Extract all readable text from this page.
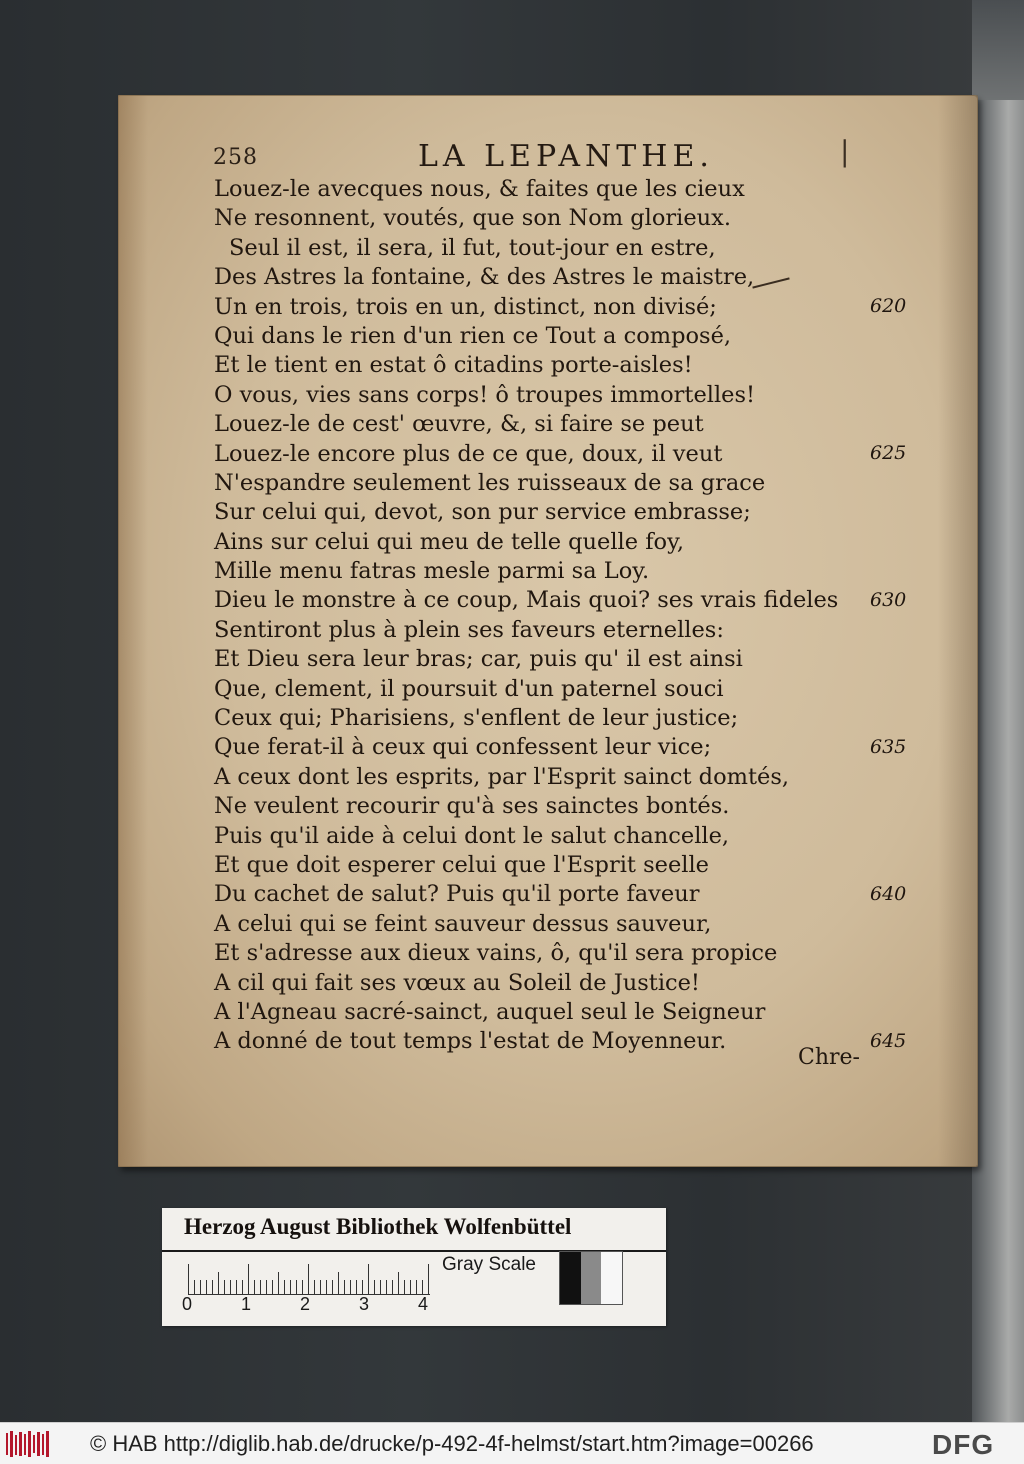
258	LA LEPANTHE.	|
Louez-le avecques nous, & faites que les cieux
Ne resonnent, voutés, que son Nom glorieux.
Seul il est, il sera, il fut, tout-jour en estre,
Des Astres la fontaine, & des Astres le maistre,
Un en trois, trois en un, distinct, non divisé;
Qui dans le rien d'un rien ce Tout a composé,
Et le tient en estat ô citadins porte-aisles!
O vous, vies sans corps! ô troupes immortelles!
Louez-le de cest' œuvre, &, si faire se peut
Louez-le encore plus de ce que, doux, il veut
N'espandre seulement les ruisseaux de sa grace
Sur celui qui, devot, son pur service embrasse;
Ains sur celui qui meu de telle quelle foy,
Mille menu fatras mesle parmi sa Loy.
Dieu le monstre à ce coup, Mais quoi? ses vrais fideles
Sentiront plus à plein ses faveurs eternelles:
Et Dieu sera leur bras; car, puis qu' il est ainsi
Que, clement, il poursuit d'un paternel souci
Ceux qui; Pharisiens, s'enflent de leur justice;
Que ferat-il à ceux qui confessent leur vice;
A ceux dont les esprits, par l'Esprit sainct domtés,
Ne veulent recourir qu'à ses sainctes bontés.
Puis qu'il aide à celui dont le salut chancelle,
Et que doit esperer celui que l'Esprit seelle
Du cachet de salut? Puis qu'il porte faveur
A celui qui se feint sauveur dessus sauveur,
Et s'adresse aux dieux vains, ô, qu'il sera propice
A cil qui fait ses vœux au Soleil de Justice!
A l'Agneau sacré-sainct, auquel seul le Seigneur
A donné de tout temps l'estat de Moyenneur.
620
625
630
635
640
645
Chre-
Herzog August Bibliothek Wolfenbüttel
0	1	2	3	4
Gray Scale
© HAB http://diglib.hab.de/drucke/p-492-4f-helmst/start.htm?image=00266	DFG
